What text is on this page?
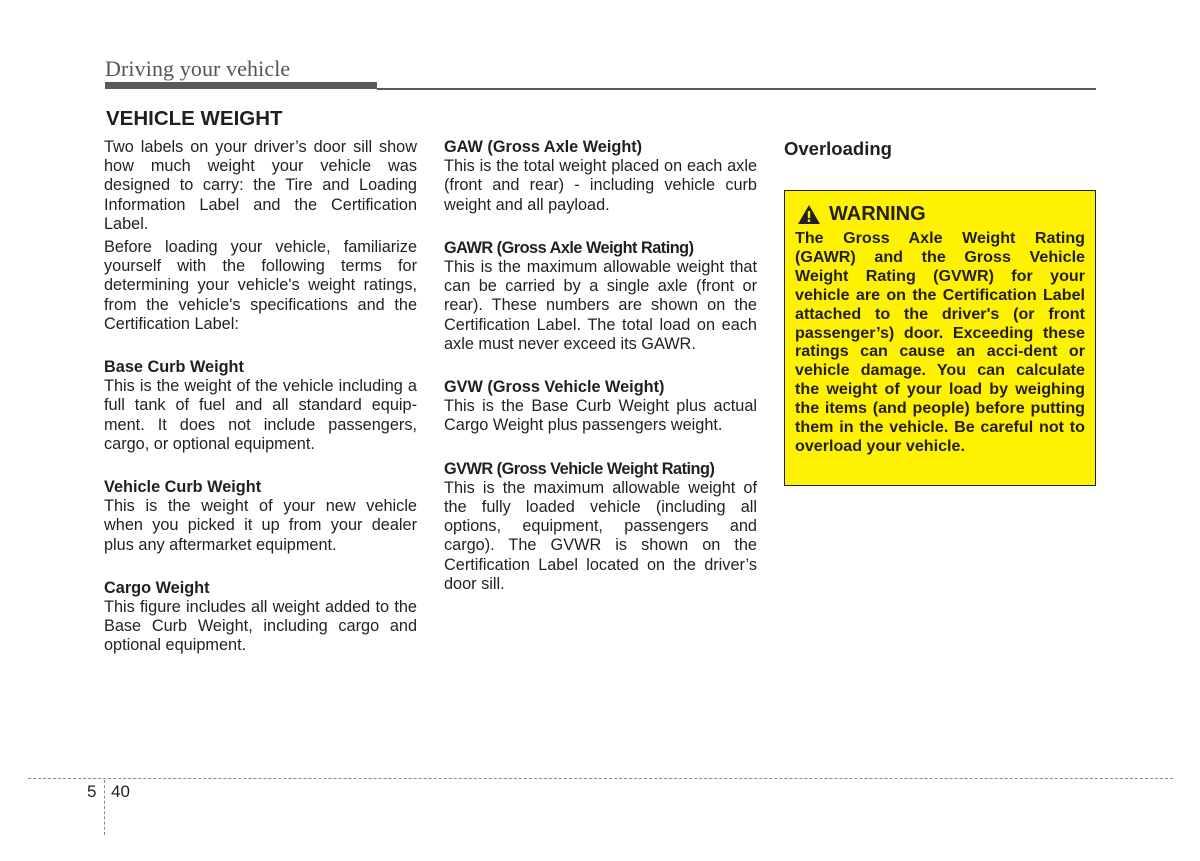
Driving your vehicle
VEHICLE WEIGHT

Two labels on your driver’s door sill show how much weight your vehicle was designed to carry: the Tire and Loading Information Label and the Certification Label.

Before loading your vehicle, familiarize yourself with the following terms for determining your vehicle's weight ratings, from the vehicle's specifications and the Certification Label:

Base Curb Weight

This is the weight of the vehicle including a full tank of fuel and all standard equip-ment. It does not include passengers, cargo, or optional equipment.

Vehicle Curb Weight

This is the weight of your new vehicle when you picked it up from your dealer plus any aftermarket equipment.

Cargo Weight

This figure includes all weight added to the Base Curb Weight, including cargo and optional equipment.

GAW (Gross Axle Weight)

This is the total weight placed on each axle (front and rear) - including vehicle curb weight and all payload.

GAWR (Gross Axle Weight Rating)

This is the maximum allowable weight that can be carried by a single axle (front or rear). These numbers are shown on the Certification Label. The total load on each axle must never exceed its GAWR.

GVW (Gross Vehicle Weight)

This is the Base Curb Weight plus actual Cargo Weight plus passengers weight.

GVWR (Gross Vehicle Weight Rating)

This is the maximum allowable weight of the fully loaded vehicle (including all options, equipment, passengers and cargo). The GVWR is shown on the Certification Label located on the driver’s door sill.

Overloading

WARNING

The Gross Axle Weight Rating (GAWR) and the Gross Vehicle Weight Rating (GVWR) for your vehicle are on the Certification Label attached to the driver's (or front passenger’s) door. Exceeding these ratings can cause an acci-dent or vehicle damage. You can calculate the weight of your load by weighing the items (and people) before putting them in the vehicle. Be careful not to overload your vehicle.

5 40
